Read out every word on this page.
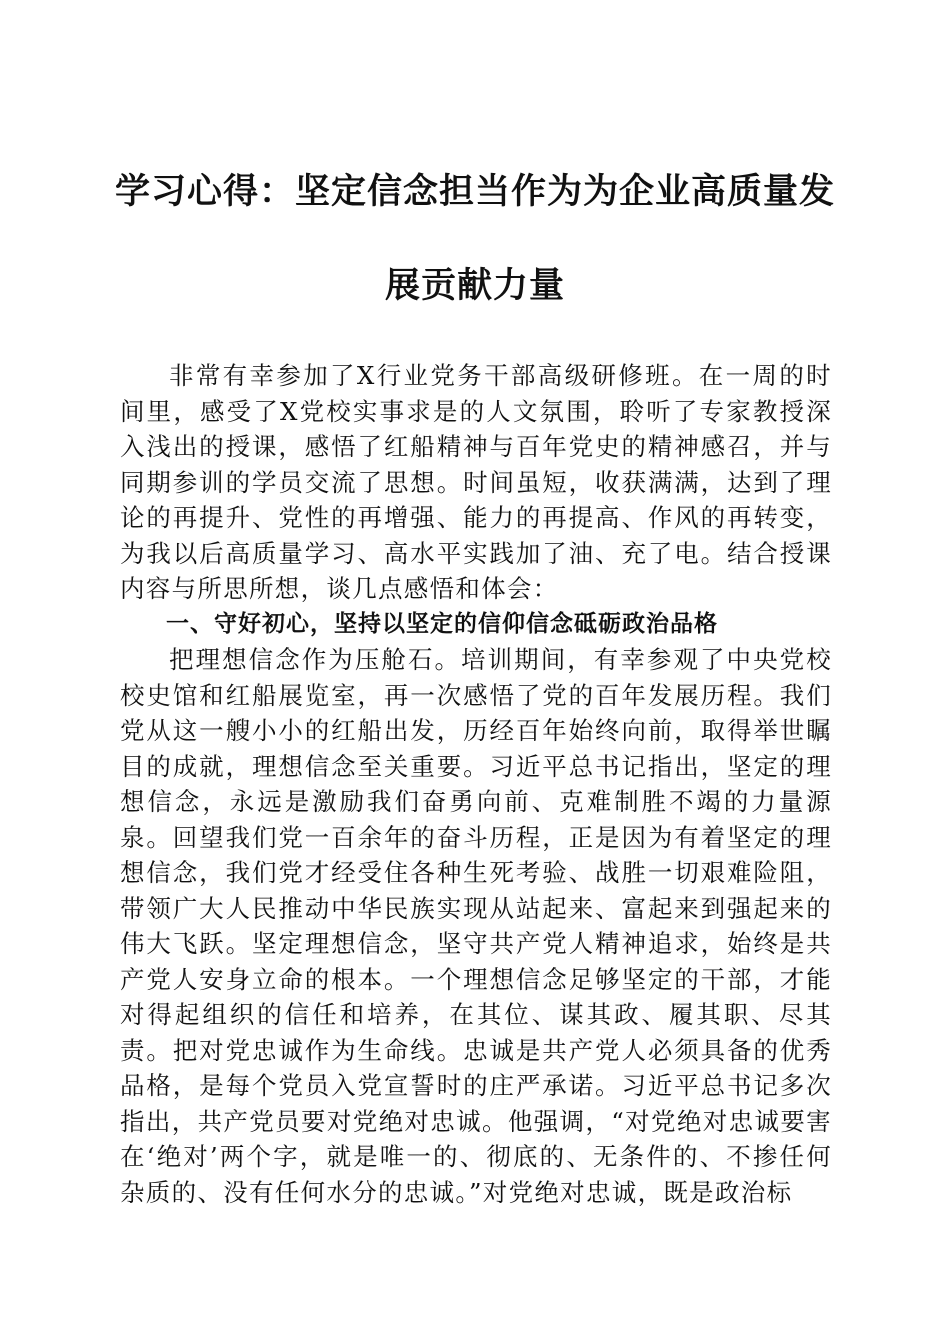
学习心得：坚定信念担当作为为企业高质量发
展贡献力量

非常有幸参加了X行业党务干部高级研修班。在一周的时间里，感受了X党校实事求是的人文氛围，聆听了专家教授深入浅出的授课，感悟了红船精神与百年党史的精神感召，并与同期参训的学员交流了思想。时间虽短，收获满满，达到了理论的再提升、党性的再增强、能力的再提高、作风的再转变，为我以后高质量学习、高水平实践加了油、充了电。结合授课内容与所思所想，谈几点感悟和体会：

一、守好初心，坚持以坚定的信仰信念砥砺政治品格

把理想信念作为压舱石。培训期间，有幸参观了中央党校校史馆和红船展览室，再一次感悟了党的百年发展历程。我们党从这一艘小小的红船出发，历经百年始终向前，取得举世瞩目的成就，理想信念至关重要。习近平总书记指出，坚定的理想信念，永远是激励我们奋勇向前、克难制胜不竭的力量源泉。回望我们党一百余年的奋斗历程，正是因为有着坚定的理想信念，我们党才经受住各种生死考验、战胜一切艰难险阻，带领广大人民推动中华民族实现从站起来、富起来到强起来的伟大飞跃。坚定理想信念，坚守共产党人精神追求，始终是共产党人安身立命的根本。一个理想信念足够坚定的干部，才能对得起组织的信任和培养，在其位、谋其政、履其职、尽其责。把对党忠诚作为生命线。忠诚是共产党人必须具备的优秀品格，是每个党员入党宣誓时的庄严承诺。习近平总书记多次指出，共产党员要对党绝对忠诚。他强调，“对党绝对忠诚要害在‘绝对’两个字，就是唯一的、彻底的、无条件的、不掺任何杂质的、没有任何水分的忠诚。”对党绝对忠诚，既是政治标
